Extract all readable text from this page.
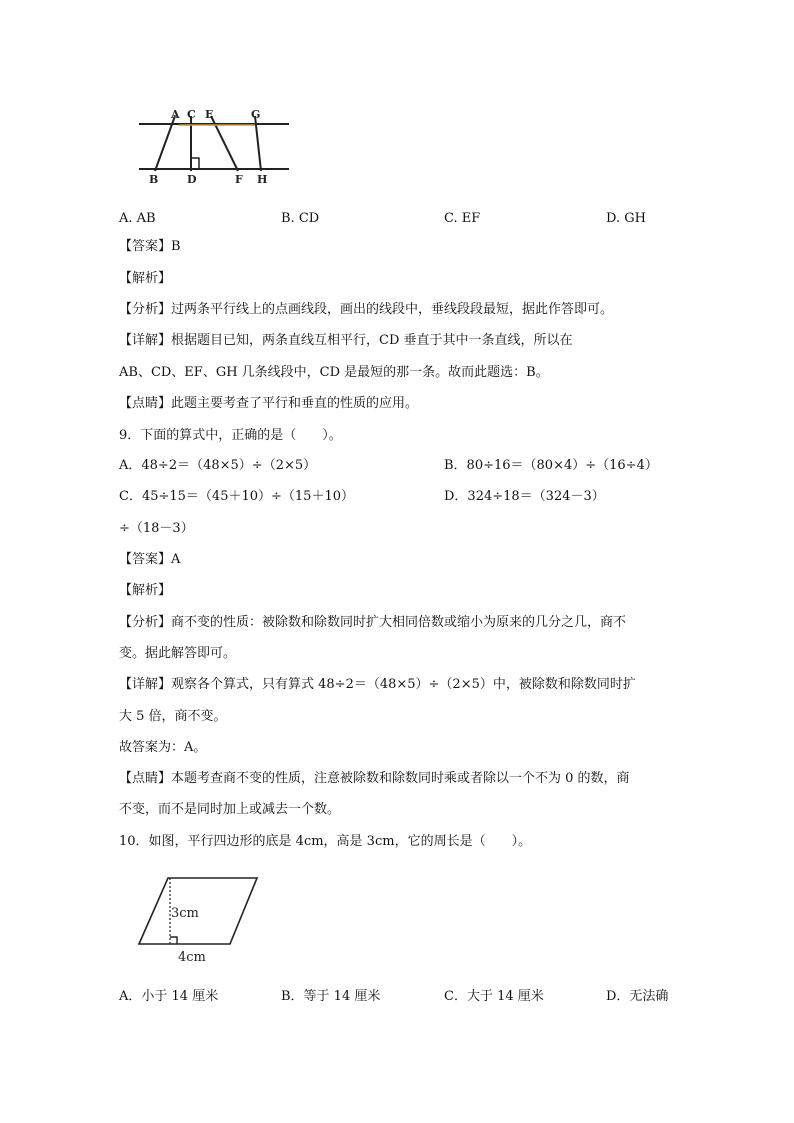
A C E	G
B	D	F H
A. AB	B. CD	C. EF	D. GH
【答案】B
【解析】
【分析】过两条平行线上的点画线段，画出的线段中，垂线段段最短，据此作答即可。
【详解】根据题目已知，两条直线互相平行，CD 垂直于其中一条直线，所以在
AB、CD、EF、GH 几条线段中，CD 是最短的那一条。故而此题选：B。
【点睛】此题主要考查了平行和垂直的性质的应用。
9．下面的算式中，正确的是（　　）。
A．48÷2＝（48×5）÷（2×5）	B．80÷16＝（80×4）÷（16÷4）
C．45÷15＝（45＋10）÷（15＋10）	D．324÷18＝（324－3）
÷（18－3）
【答案】A
【解析】
【分析】商不变的性质：被除数和除数同时扩大相同倍数或缩小为原来的几分之几，商不
变。据此解答即可。
【详解】观察各个算式，只有算式 48÷2＝（48×5）÷（2×5）中，被除数和除数同时扩
大 5 倍，商不变。
故答案为：A。
【点睛】本题考查商不变的性质，注意被除数和除数同时乘或者除以一个不为 0 的数，商
不变，而不是同时加上或减去一个数。
10．如图，平行四边形的底是 4cm，高是 3cm，它的周长是（　　）。
3cm
4cm
A．小于 14 厘米	B．等于 14 厘米	C．大于 14 厘米	D．无法确
